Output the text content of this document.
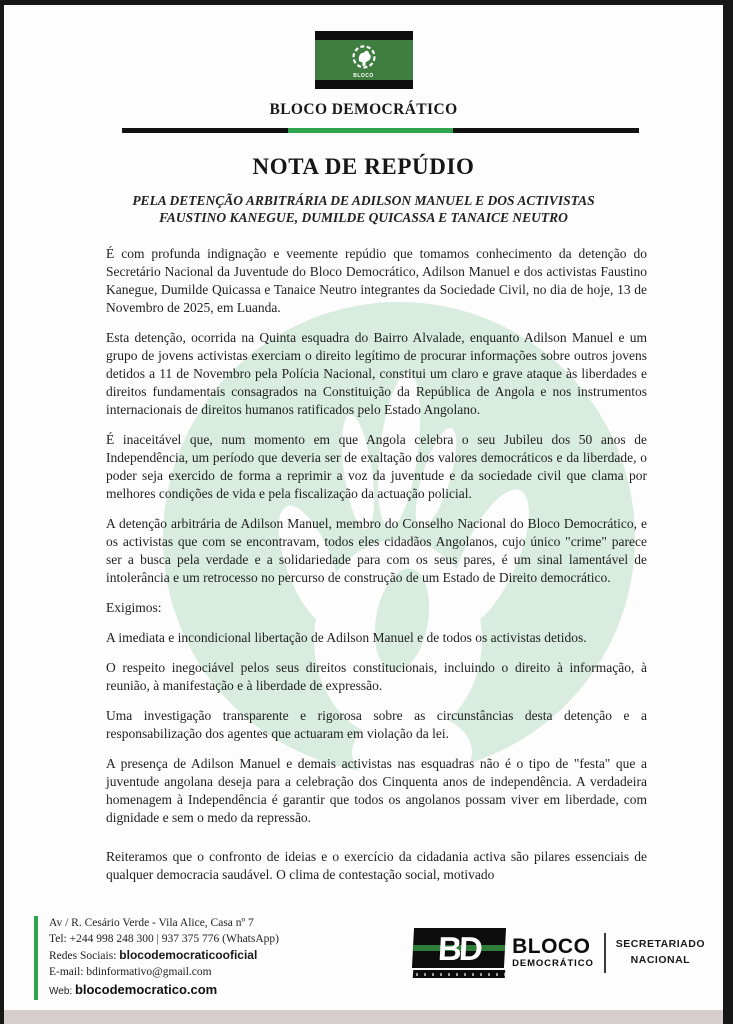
BLOCO
BLOCO DEMOCRÁTICO
NOTA DE REPÚDIO
PELA DETENÇÃO ARBITRÁRIA DE ADILSON MANUEL E DOS ACTIVISTAS
FAUSTINO KANEGUE, DUMILDE QUICASSA E TANAICE NEUTRO

É com profunda indignação e veemente repúdio que tomamos conhecimento da detenção do Secretário Nacional da Juventude do Bloco Democrático, Adilson Manuel e dos activistas Faustino Kanegue, Dumilde Quicassa e Tanaice Neutro integrantes da Sociedade Civil, no dia de hoje, 13 de Novembro de 2025, em Luanda.

Esta detenção, ocorrida na Quinta esquadra do Bairro Alvalade, enquanto Adilson Manuel e um grupo de jovens activistas exerciam o direito legítimo de procurar informações sobre outros jovens detidos a 11 de Novembro pela Polícia Nacional, constitui um claro e grave ataque às liberdades e direitos fundamentais consagrados na Constituição da República de Angola e nos instrumentos internacionais de direitos humanos ratificados pelo Estado Angolano.

É inaceitável que, num momento em que Angola celebra o seu Jubileu dos 50 anos de Independência, um período que deveria ser de exaltação dos valores democráticos e da liberdade, o poder seja exercido de forma a reprimir a voz da juventude e da sociedade civil que clama por melhores condições de vida e pela fiscalização da actuação policial.

A detenção arbitrária de Adilson Manuel, membro do Conselho Nacional do Bloco Democrático, e os activistas que com se encontravam, todos eles cidadãos Angolanos, cujo único "crime" parece ser a busca pela verdade e a solidariedade para com os seus pares, é um sinal lamentável de intolerância e um retrocesso no percurso de construção de um Estado de Direito democrático.

Exigimos:

A imediata e incondicional libertação de Adilson Manuel e de todos os activistas detidos.

O respeito inegociável pelos seus direitos constitucionais, incluindo o direito à informação, à reunião, à manifestação e à liberdade de expressão.

Uma investigação transparente e rigorosa sobre as circunstâncias desta detenção e a responsabilização dos agentes que actuaram em violação da lei.

A presença de Adilson Manuel e demais activistas nas esquadras não é o tipo de "festa" que a juventude angolana deseja para a celebração dos Cinquenta anos de independência. A verdadeira homenagem à Independência é garantir que todos os angolanos possam viver em liberdade, com dignidade e sem o medo da repressão.

Reiteramos que o confronto de ideias e o exercício da cidadania activa são pilares essenciais de qualquer democracia saudável. O clima de contestação social, motivado

Av / R. Cesário Verde - Vila Alice, Casa nº 7
Tel: +244 998 248 300 | 937 375 776 (WhatsApp)
Redes Sociais: blocodemocraticooficial
E-mail: bdinformativo@gmail.com
Web: blocodemocratico.com
BD BLOCO
DEMOCRÁTICO
SECRETARIADO
NACIONAL
